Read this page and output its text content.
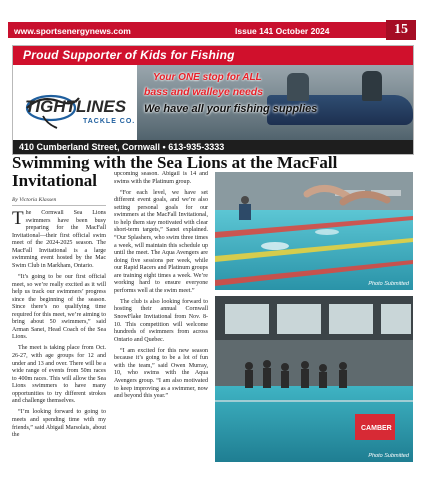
www.sportsenergynews.com	Issue 141 October 2024	15
Proud Supporter of Kids for Fishing
TIGHTLINES
TACKLE CO.
Your ONE stop for ALL
bass and walleye needs
We have all your fishing supplies
410 Cumberland Street, Cornwall • 613-935-3333
Swimming with the Sea Lions at the MacFall Invitational
By Victoria Klassen

The Cornwall Sea Lions swimmers have been busy preparing for the MacFall Invitational—their first official swim meet of the 2024-2025 season. The MacFall Invitational is a large swimming event hosted by the Mac Swim Club in Markham, Ontario.

“It’s going to be our first official meet, so we’re really excited as it will help us track our swimmers’ progress since the beginning of the season. Since there’s no qualifying time required for this meet, we’re aiming to bring about 50 swimmers,” said Arman Sanei, Head Coach of the Sea Lions.

The meet is taking place from Oct. 26-27, with age groups for 12 and under and 13 and over. There will be a wide range of events from 50m races to 400m races. This will allow the Sea Lions swimmers to have many opportunities to try different strokes and challenge themselves.

“I’m looking forward to going to meets and spending time with my friends,” said Abigail Marsolais, about the

upcoming season. Abigail is 14 and swims with the Platinum group.

“For each level, we have set different event goals, and we’re also setting personal goals for our swimmers at the MacFall Invitational, to help them stay motivated with clear short-term targets,” Sanei explained. “Our Splashers, who swim three times a week, will maintain this schedule up until the meet. The Aqua Avengers are doing five sessions per week, while our Rapid Racers and Platinum groups are training eight times a week. We’re working hard to ensure everyone performs well at the swim meet.”

The club is also looking forward to hosting their annual Cornwall SnowFlake Invitational from Nov. 8-10. This competition will welcome hundreds of swimmers from across Ontario and Quebec.

“I am excited for this new season because it’s going to be a lot of fun with the team,” said Owen Murray, 10, who swims with the Aqua Avengers group. “I am also motivated to keep improving as a swimmer, now and beyond this year.”

Photo Submitted
CAMBER
Photo Submitted
